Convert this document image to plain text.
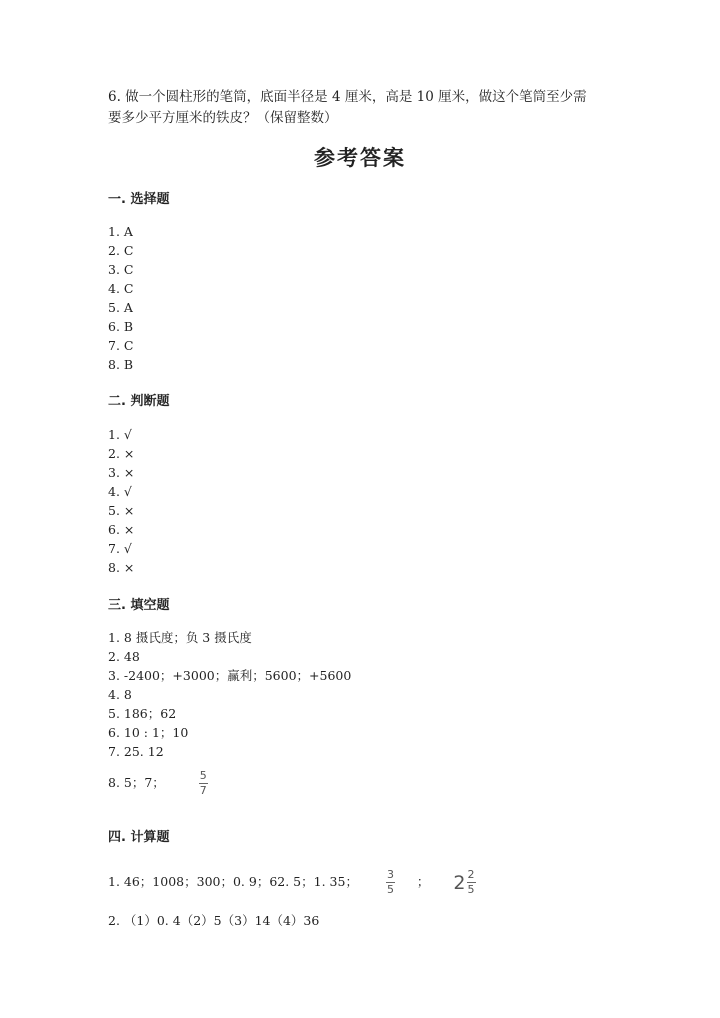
6. 做一个圆柱形的笔筒，底面半径是 4 厘米，高是 10 厘米，做这个笔筒至少需
要多少平方厘米的铁皮？（保留整数）
参考答案
一. 选择题
1. A
2. C
3. C
4. C
5. A
6. B
7. C
8. B
二. 判断题
1. √
2. ×
3. ×
4. √
5. ×
6. ×
7. √
8. ×
三. 填空题
1. 8 摄氏度；负 3 摄氏度
2. 48
3. -2400；+3000；赢利；5600；+5600
4. 8
5. 186；62
6. 10 : 1；10
7. 25. 12
8. 5；7；	$\frac{5}{7}$
四. 计算题
1. 46；1008；300；0. 9；62. 5；1. 35；	$\frac{3}{5}$ ； $2 \frac{2}{5}$
2. （1）0. 4（2）5（3）14（4）36
